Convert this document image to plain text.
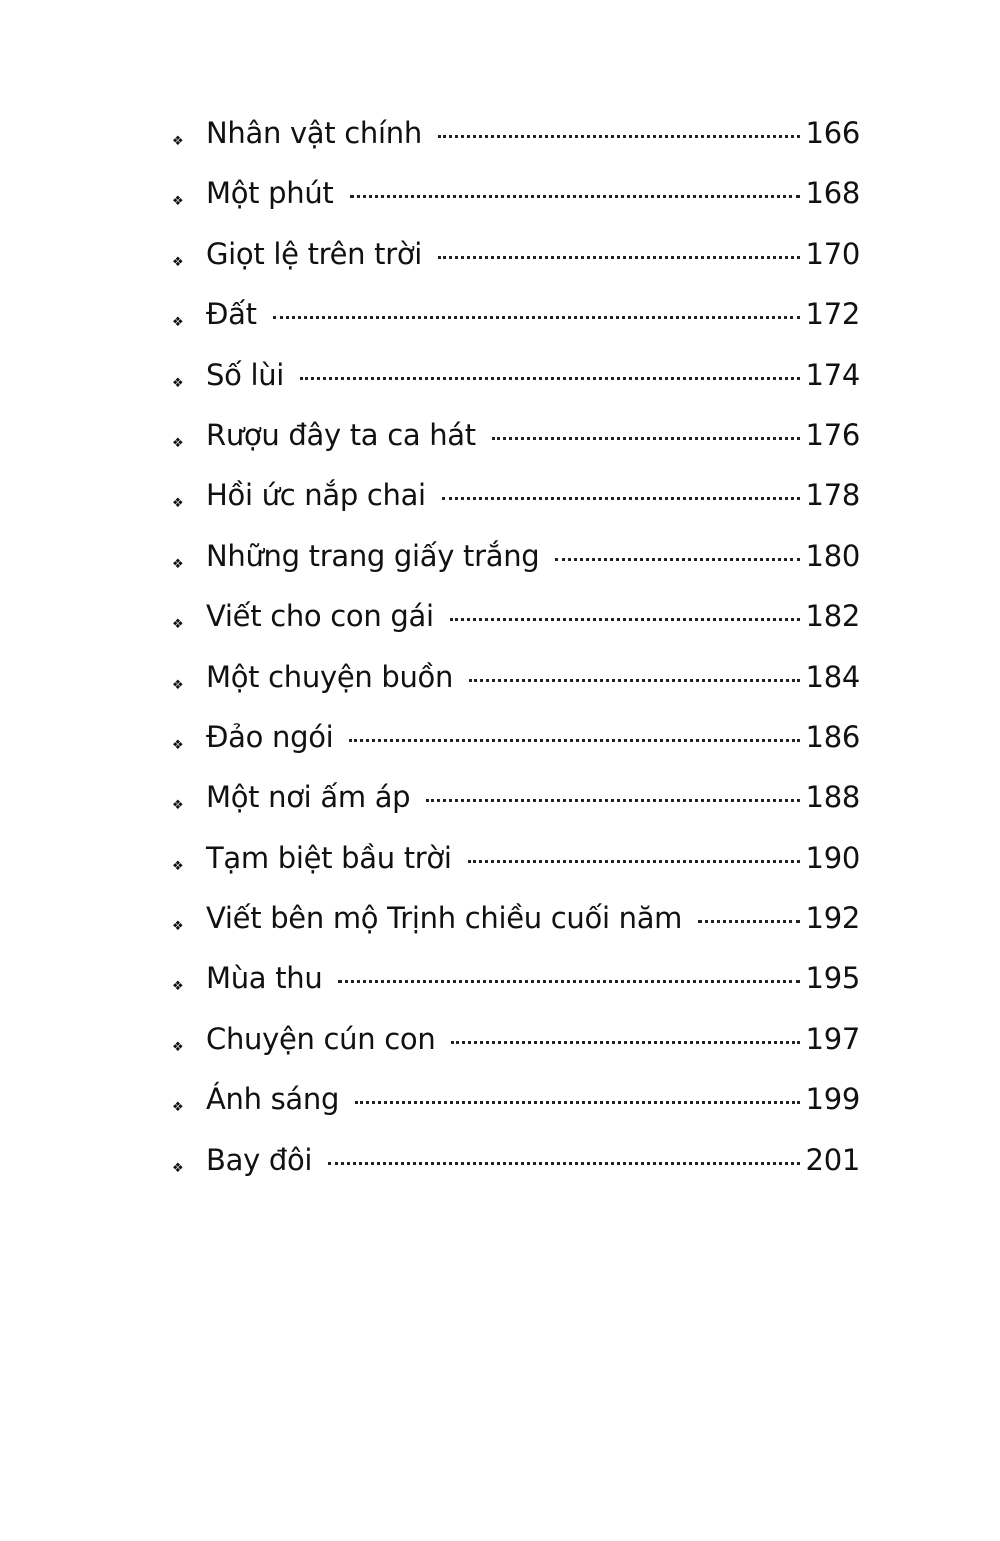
❖ Nhân vật chính	166
❖ Một phút	168
❖ Giọt lệ trên trời	170
❖ Đất	172
❖ Số lùi	174
❖ Rượu đây ta ca hát	176
❖ Hồi ức nắp chai	178
❖ Những trang giấy trắng	180
❖ Viết cho con gái	182
❖ Một chuyện buồn	184
❖ Đảo ngói	186
❖ Một nơi ấm áp	188
❖ Tạm biệt bầu trời	190
❖ Viết bên mộ Trịnh chiều cuối năm	192
❖ Mùa thu	195
❖ Chuyện cún con	197
❖ Ánh sáng	199
❖ Bay đôi	201
